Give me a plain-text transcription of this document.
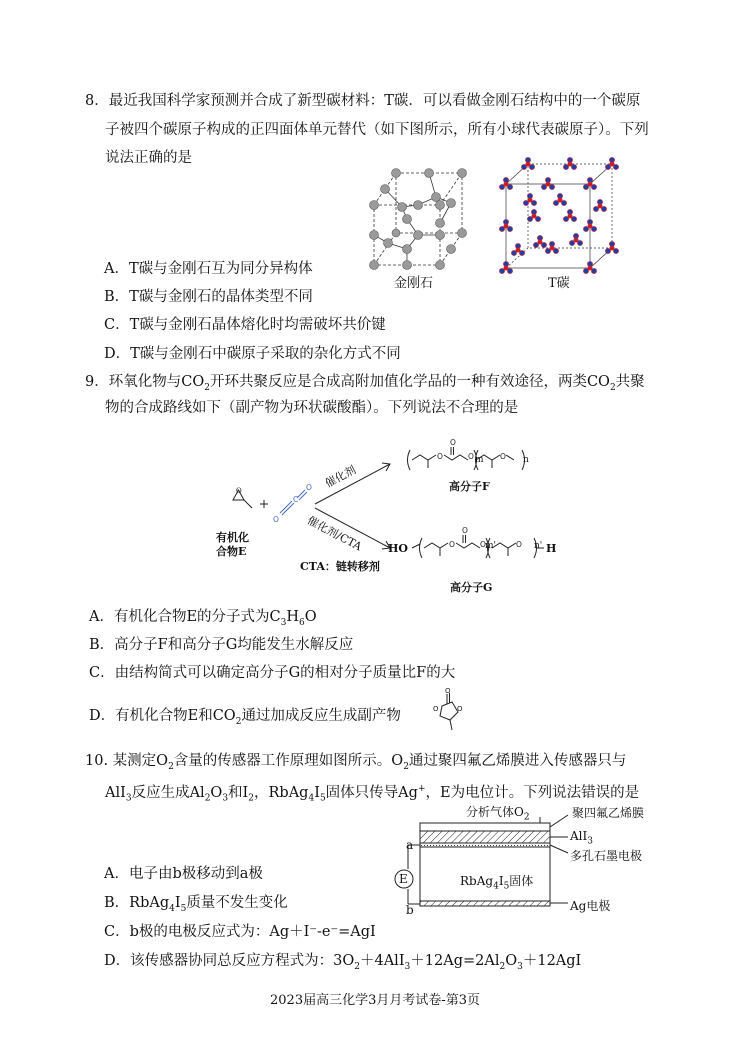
8．最近我国科学家预测并合成了新型碳材料：T碳．可以看做金刚石结构中的一个碳原
子被四个碳原子构成的正四面体单元替代（如下图所示，所有小球代表碳原子）。下列
说法正确的是
金刚石	T碳
A．T碳与金刚石互为同分异构体
B．T碳与金刚石的晶体类型不同
C．T碳与金刚石晶体熔化时均需破坏共价键
D．T碳与金刚石中碳原子采取的杂化方式不同
9．环氧化物与$CO_2$开环共聚反应是合成高附加值化学品的一种有效途径，两类$CO_2$共聚
物的合成路线如下（副产物为环状碳酸酯）。下列说法不合理的是
O
O
C
O
O
O
O	O
O
O
O	O
m	n
m'	n'
HO	H
有机化
合物E
催化剂
催化剂/CTA
CTA：链转移剂
高分子F
高分子G
A．有机化合物E的分子式为$C_3H_6O$
B．高分子F和高分子G均能发生水解反应
C．由结构简式可以确定高分子G的相对分子质量比F的大
D．有机化合物E和$CO_2$通过加成反应生成副产物
O
O	O
10. 某测定$O_2$含量的传感器工作原理如图所示。$O_2$通过聚四氟乙烯膜进入传感器只与
AlI$_3$反应生成$Al_2O_3$和$I_2$，$RbAg_4I_5$固体只传导Ag+，E为电位计。下列说法错误的是
分析气体$O_2$	聚四氟乙烯膜
AlI$_3$
多孔石墨电极
$RbAg_4I_5$固体
Ag电极
a
b
E
A．电子由b极移动到a极
B．$RbAg_4I_5$质量不发生变化
C．b极的电极反应式为：Ag＋I⁻-e⁻=AgI
D．该传感器协同总反应方程式为：$3O_2+4AlI_3+12Ag=2Al_2O_3+12AgI$
2023届高三化学3月月考试卷-第3页
